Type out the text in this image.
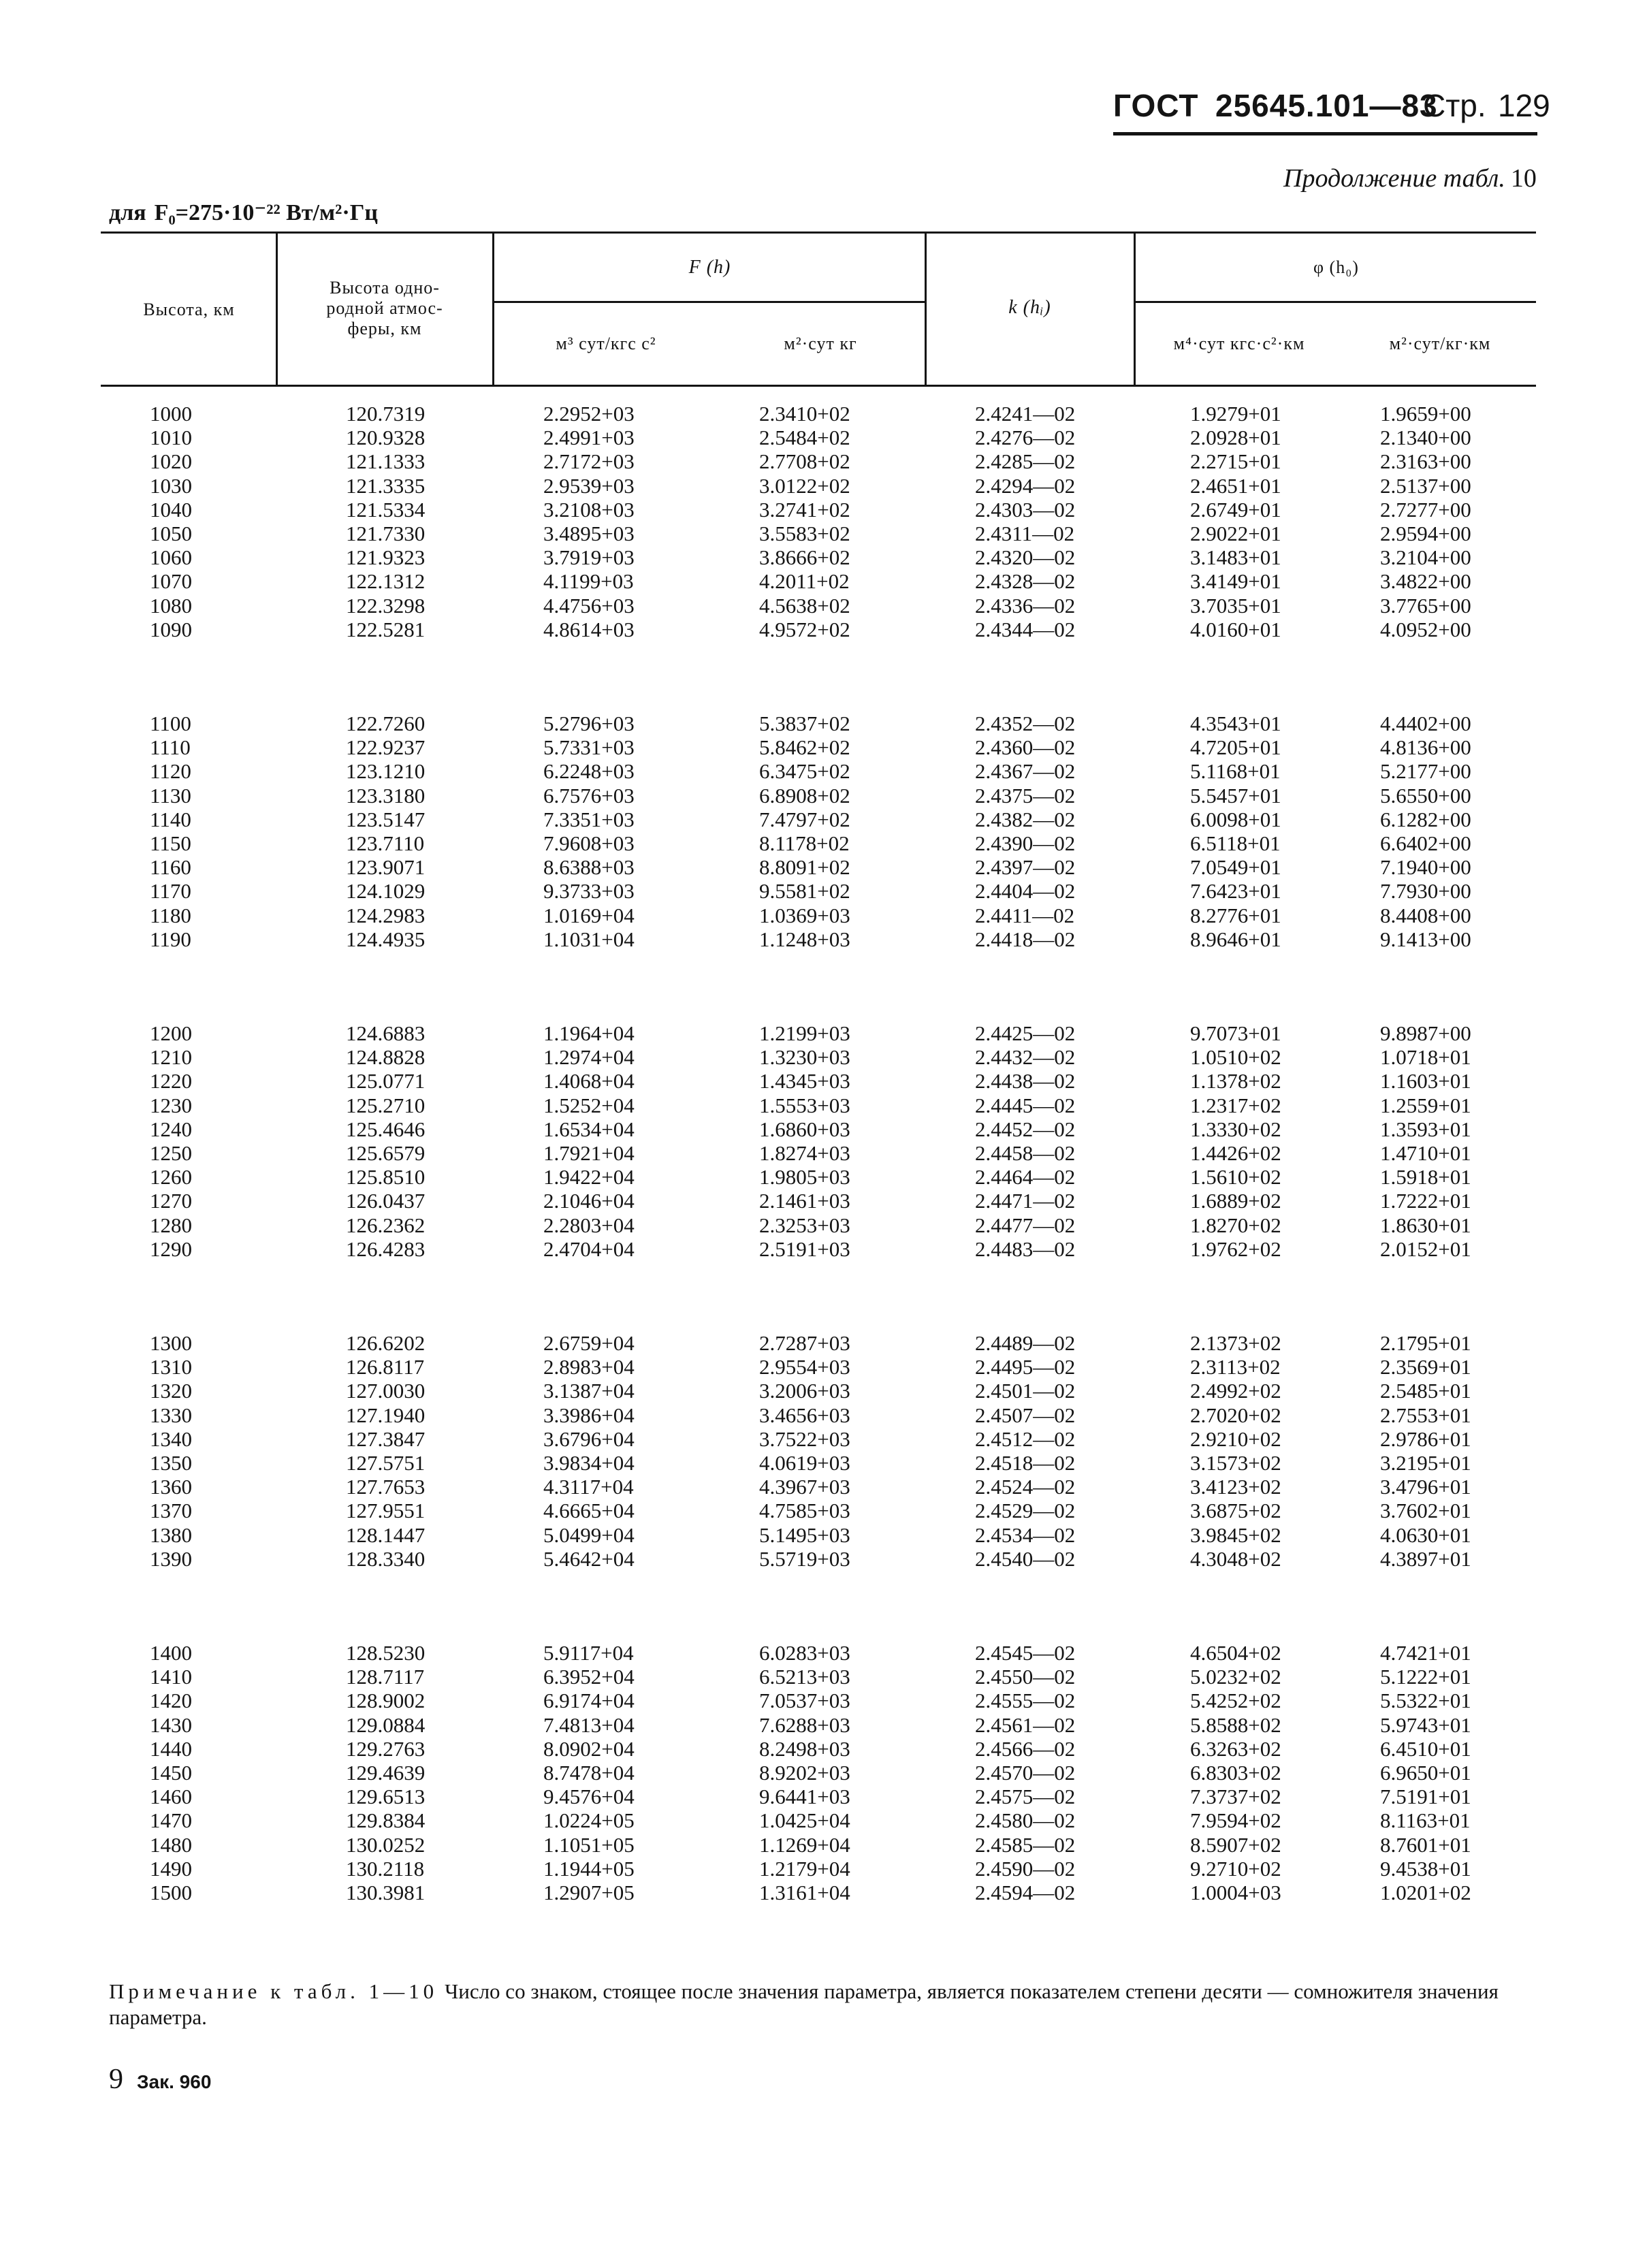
ГОСТ 25645.101—83
Стр. 129
Продолжение табл. 10
для F₀=275·10⁻²² Вт/м²·Гц
Высота, км
Высота одно-
родной атмос-
феры, км
F (h)
м³ сут/кгс с²	м²·сут кг
k (hᵢ)
φ (h₀)
м⁴·сут кгс·с²·км	м²·сут/кг·км
1000	120.7319	2.2952+03	2.3410+02	2.4241—02	1.9279+01	1.9659+00
1010	120.9328	2.4991+03	2.5484+02	2.4276—02	2.0928+01	2.1340+00
1020	121.1333	2.7172+03	2.7708+02	2.4285—02	2.2715+01	2.3163+00
1030	121.3335	2.9539+03	3.0122+02	2.4294—02	2.4651+01	2.5137+00
1040	121.5334	3.2108+03	3.2741+02	2.4303—02	2.6749+01	2.7277+00
1050	121.7330	3.4895+03	3.5583+02	2.4311—02	2.9022+01	2.9594+00
1060	121.9323	3.7919+03	3.8666+02	2.4320—02	3.1483+01	3.2104+00
1070	122.1312	4.1199+03	4.2011+02	2.4328—02	3.4149+01	3.4822+00
1080	122.3298	4.4756+03	4.5638+02	2.4336—02	3.7035+01	3.7765+00
1090	122.5281	4.8614+03	4.9572+02	2.4344—02	4.0160+01	4.0952+00
1100	122.7260	5.2796+03	5.3837+02	2.4352—02	4.3543+01	4.4402+00
1110	122.9237	5.7331+03	5.8462+02	2.4360—02	4.7205+01	4.8136+00
1120	123.1210	6.2248+03	6.3475+02	2.4367—02	5.1168+01	5.2177+00
1130	123.3180	6.7576+03	6.8908+02	2.4375—02	5.5457+01	5.6550+00
1140	123.5147	7.3351+03	7.4797+02	2.4382—02	6.0098+01	6.1282+00
1150	123.7110	7.9608+03	8.1178+02	2.4390—02	6.5118+01	6.6402+00
1160	123.9071	8.6388+03	8.8091+02	2.4397—02	7.0549+01	7.1940+00
1170	124.1029	9.3733+03	9.5581+02	2.4404—02	7.6423+01	7.7930+00
1180	124.2983	1.0169+04	1.0369+03	2.4411—02	8.2776+01	8.4408+00
1190	124.4935	1.1031+04	1.1248+03	2.4418—02	8.9646+01	9.1413+00
1200	124.6883	1.1964+04	1.2199+03	2.4425—02	9.7073+01	9.8987+00
1210	124.8828	1.2974+04	1.3230+03	2.4432—02	1.0510+02	1.0718+01
1220	125.0771	1.4068+04	1.4345+03	2.4438—02	1.1378+02	1.1603+01
1230	125.2710	1.5252+04	1.5553+03	2.4445—02	1.2317+02	1.2559+01
1240	125.4646	1.6534+04	1.6860+03	2.4452—02	1.3330+02	1.3593+01
1250	125.6579	1.7921+04	1.8274+03	2.4458—02	1.4426+02	1.4710+01
1260	125.8510	1.9422+04	1.9805+03	2.4464—02	1.5610+02	1.5918+01
1270	126.0437	2.1046+04	2.1461+03	2.4471—02	1.6889+02	1.7222+01
1280	126.2362	2.2803+04	2.3253+03	2.4477—02	1.8270+02	1.8630+01
1290	126.4283	2.4704+04	2.5191+03	2.4483—02	1.9762+02	2.0152+01
1300	126.6202	2.6759+04	2.7287+03	2.4489—02	2.1373+02	2.1795+01
1310	126.8117	2.8983+04	2.9554+03	2.4495—02	2.3113+02	2.3569+01
1320	127.0030	3.1387+04	3.2006+03	2.4501—02	2.4992+02	2.5485+01
1330	127.1940	3.3986+04	3.4656+03	2.4507—02	2.7020+02	2.7553+01
1340	127.3847	3.6796+04	3.7522+03	2.4512—02	2.9210+02	2.9786+01
1350	127.5751	3.9834+04	4.0619+03	2.4518—02	3.1573+02	3.2195+01
1360	127.7653	4.3117+04	4.3967+03	2.4524—02	3.4123+02	3.4796+01
1370	127.9551	4.6665+04	4.7585+03	2.4529—02	3.6875+02	3.7602+01
1380	128.1447	5.0499+04	5.1495+03	2.4534—02	3.9845+02	4.0630+01
1390	128.3340	5.4642+04	5.5719+03	2.4540—02	4.3048+02	4.3897+01
1400	128.5230	5.9117+04	6.0283+03	2.4545—02	4.6504+02	4.7421+01
1410	128.7117	6.3952+04	6.5213+03	2.4550—02	5.0232+02	5.1222+01
1420	128.9002	6.9174+04	7.0537+03	2.4555—02	5.4252+02	5.5322+01
1430	129.0884	7.4813+04	7.6288+03	2.4561—02	5.8588+02	5.9743+01
1440	129.2763	8.0902+04	8.2498+03	2.4566—02	6.3263+02	6.4510+01
1450	129.4639	8.7478+04	8.9202+03	2.4570—02	6.8303+02	6.9650+01
1460	129.6513	9.4576+04	9.6441+03	2.4575—02	7.3737+02	7.5191+01
1470	129.8384	1.0224+05	1.0425+04	2.4580—02	7.9594+02	8.1163+01
1480	130.0252	1.1051+05	1.1269+04	2.4585—02	8.5907+02	8.7601+01
1490	130.2118	1.1944+05	1.2179+04	2.4590—02	9.2710+02	9.4538+01
1500	130.3981	1.2907+05	1.3161+04	2.4594—02	1.0004+03	1.0201+02
Примечание к табл. 1—10 Число со знаком, стоящее после значения параметра, является показателем степени десяти — сомножителя значения параметра.
9 Зак. 960
